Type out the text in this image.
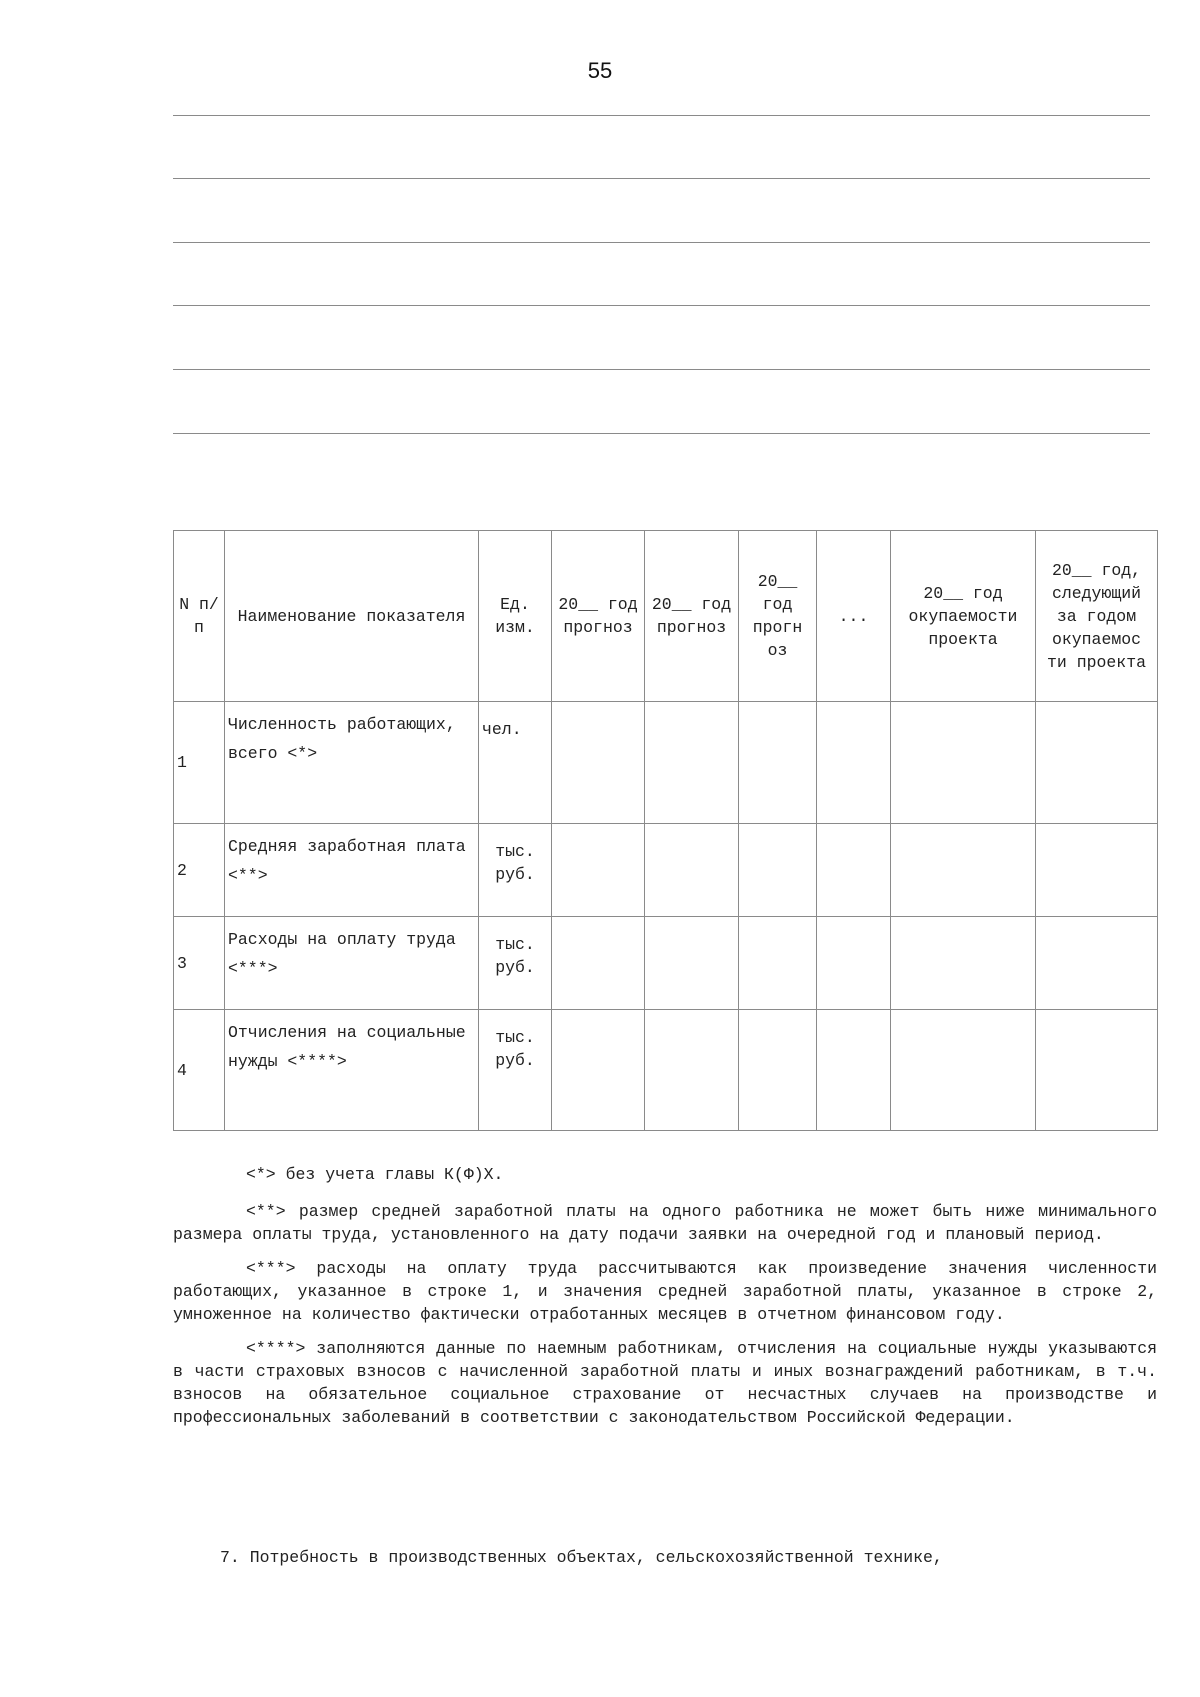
55
N п/п	Наименование показателя	Ед. изм.	20__ год прогноз	20__ год прогноз	20__ год прогн оз	...	20__ год окупаемости проекта	20__ год, следующий за годом окупаемос ти проекта
1	Численность работающих, всего <*>	чел.						
2	Средняя заработная плата <**>	тыс. руб.						
3	Расходы на оплату труда <***>	тыс. руб.						
4	Отчисления на социальные нужды <****>	тыс. руб.						

<*> без учета главы К(Ф)Х.

<**> размер средней заработной платы на одного работника не может быть ниже минимального размера оплаты труда, установленного на дату подачи заявки на очередной год и плановый период.

<***> расходы на оплату труда рассчитываются как произведение значения численности работающих, указанное в строке 1, и значения средней заработной платы, указанное в строке 2, умноженное на количество фактически отработанных месяцев в отчетном финансовом году.

<****> заполняются данные по наемным работникам, отчисления на социальные нужды указываются в части страховых взносов с начисленной заработной платы и иных вознаграждений работникам, в т.ч. взносов на обязательное социальное страхование от несчастных случаев на производстве и профессиональных заболеваний в соответствии с законодательством Российской Федерации.

7. Потребность в производственных объектах, сельскохозяйственной технике,
